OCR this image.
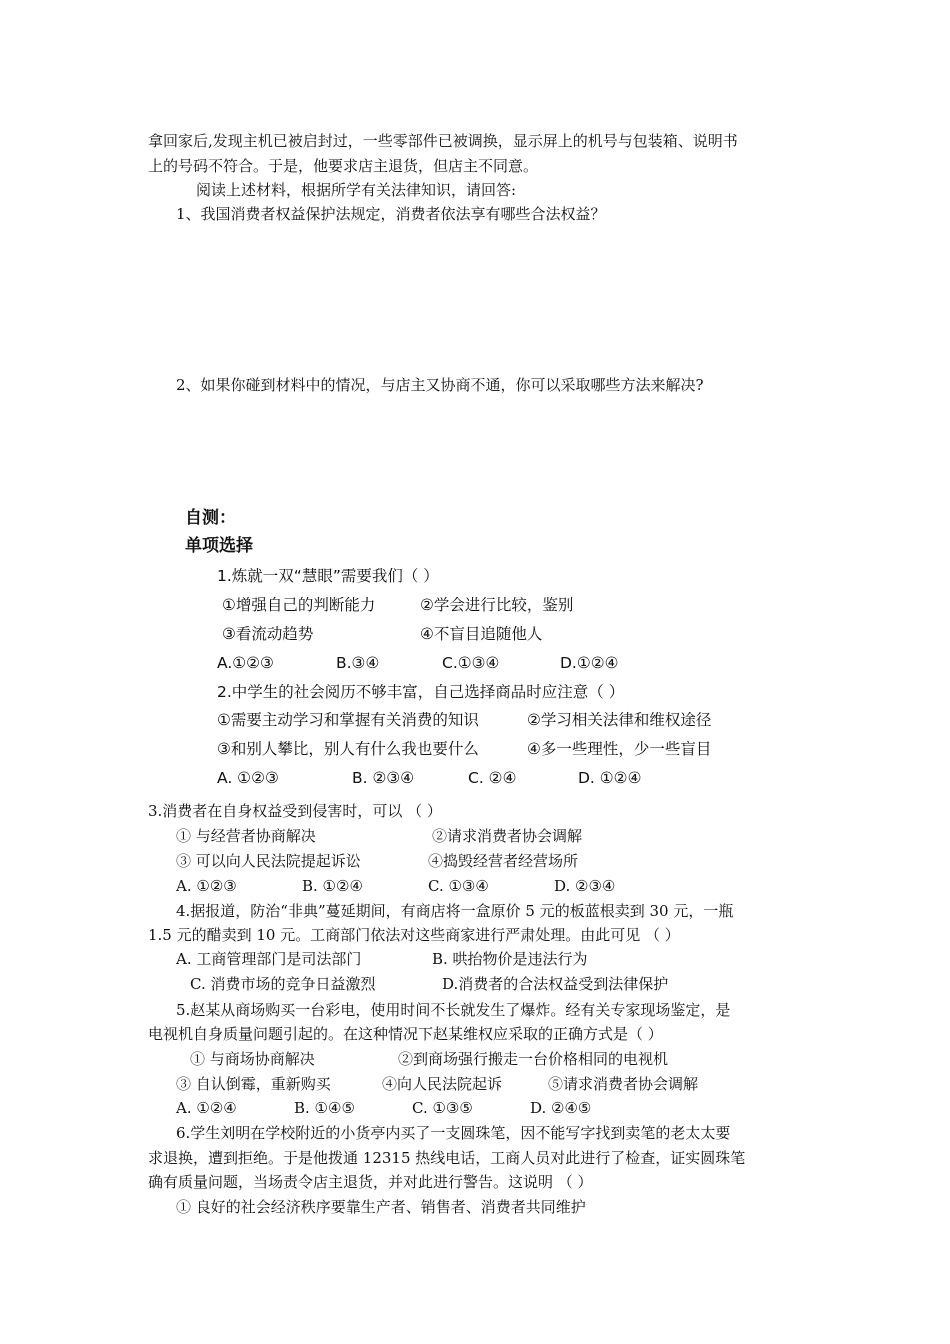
拿回家后,发现主机已被启封过，一些零部件已被调换，显示屏上的机号与包装箱、说明书
上的号码不符合。于是，他要求店主退货，但店主不同意。
阅读上述材料，根据所学有关法律知识，请回答:
1、我国消费者权益保护法规定，消费者依法享有哪些合法权益？
2、如果你碰到材料中的情况，与店主又协商不通，你可以采取哪些方法来解决?
自测：
单项选择
1.炼就一双“慧眼”需要我们（ ）
①增强自己的判断能力	②学会进行比较，鉴别
③看流动趋势	④不盲目追随他人
A.①②③	B.③④	C.①③④	D.①②④
2.中学生的社会阅历不够丰富，自己选择商品时应注意（ ）
①需要主动学习和掌握有关消费的知识	②学习相关法律和维权途径
③和别人攀比，别人有什么我也要什么	④多一些理性，少一些盲目
A. ①②③	B. ②③④	C. ②④	D. ①②④
3.消费者在自身权益受到侵害时，可以 （ ）
① 与经营者协商解决	②请求消费者协会调解
③ 可以向人民法院提起诉讼	④捣毁经营者经营场所
A. ①②③	B. ①②④	C. ①③④	D. ②③④
4.据报道，防治“非典”蔓延期间，有商店将一盒原价 5 元的板蓝根卖到 30 元，一瓶
1.5 元的醋卖到 10 元。工商部门依法对这些商家进行严肃处理。由此可见 （ ）
A. 工商管理部门是司法部门	B. 哄抬物价是违法行为
C. 消费市场的竞争日益激烈	D.消费者的合法权益受到法律保护
5.赵某从商场购买一台彩电，使用时间不长就发生了爆炸。经有关专家现场鉴定，是
电视机自身质量问题引起的。在这种情况下赵某维权应采取的正确方式是（ ）
① 与商场协商解决	②到商场强行搬走一台价格相同的电视机
③ 自认倒霉，重新购买	④向人民法院起诉	⑤请求消费者协会调解
A. ①②④	B. ①④⑤	C. ①③⑤	D. ②④⑤
6.学生刘明在学校附近的小货亭内买了一支圆珠笔，因不能写字找到卖笔的老太太要
求退换，遭到拒绝。于是他拨通 12315 热线电话，工商人员对此进行了检查，证实圆珠笔
确有质量问题，当场责令店主退货，并对此进行警告。这说明 （ ）
① 良好的社会经济秩序要靠生产者、销售者、消费者共同维护
